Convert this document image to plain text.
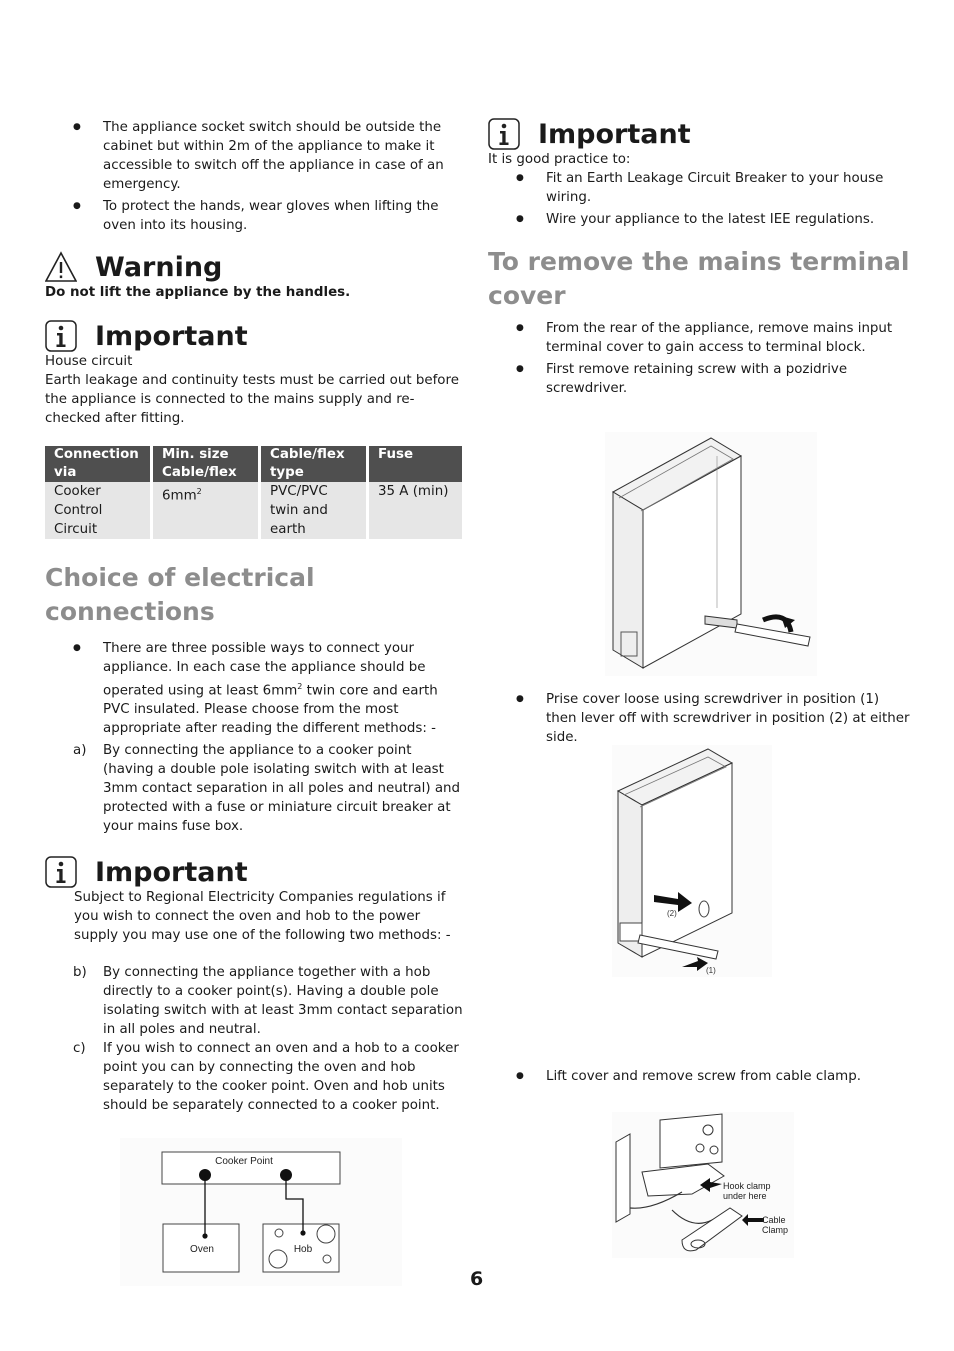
● The appliance socket switch should be outside the cabinet but within 2m of the appliance to make it accessible to switch off the appliance in case of an emergency.
● To protect the hands, wear gloves when lifting the oven into its housing.
Warning

Do not lift the appliance by the handles.

Important

House circuit

Earth leakage and continuity tests must be carried out before the appliance is connected to the mains supply and re-checked after fitting.

Connection via	Min. size Cable/flex	Cable/flex type	Fuse
Cooker Control Circuit	$6mm^2$	PVC/PVC twin and earth	35 A (min)
Choice of electrical connections
● There are three possible ways to connect your appliance. In each case the appliance should be operated using at least $6mm^2$ twin core and earth PVC insulated. Please choose from the most appropriate after reading the different methods: -
a) By connecting the appliance to a cooker point (having a double pole isolating switch with at least 3mm contact separation in all poles and neutral) and protected with a fuse or miniature circuit breaker at your mains fuse box.
Important

Subject to Regional Electricity Companies regulations if you wish to connect the oven and hob to the power supply you may use one of the following two methods: -

b) By connecting the appliance together with a hob directly to a cooker point(s). Having a double pole isolating switch with at least 3mm contact separation in all poles and neutral.
c) If you wish to connect an oven and a hob to a cooker point you can by connecting the oven and hob separately to the cooker point. Oven and hob units should be separately connected to a cooker point.
Cooker Point
Oven	Hob
Important

It is good practice to:

● Fit an Earth Leakage Circuit Breaker to your house wiring.
● Wire your appliance to the latest IEE regulations.
To remove the mains terminal cover
● From the rear of the appliance, remove mains input terminal cover to gain access to terminal block.
● First remove retaining screw with a pozidrive screwdriver.
● Prise cover loose using screwdriver in position (1) then lever off with screwdriver in position (2) at either side.
(2)
(1)
● Lift cover and remove screw from cable clamp.
Hook clamp
under here
Cable
Clamp
6
